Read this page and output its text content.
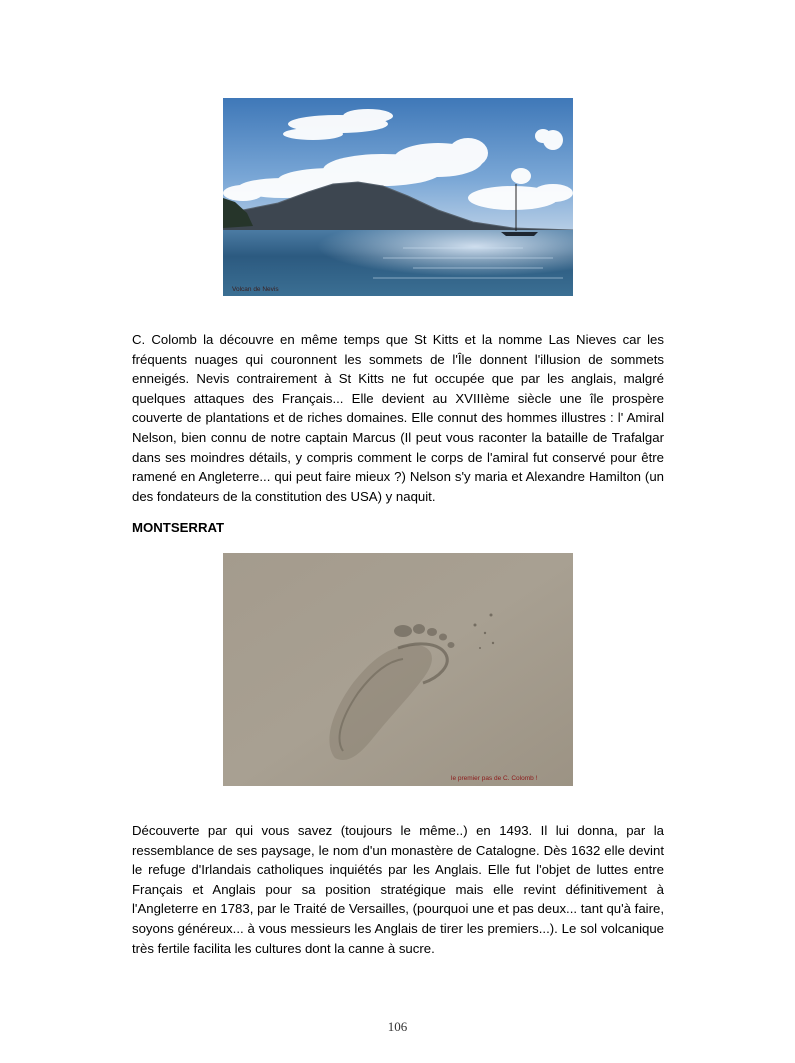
Volcan de Nevis

C. Colomb la découvre en même temps que St Kitts et la nomme Las Nieves car les fréquents nuages qui couronnent les sommets de l'Île donnent l'illusion de sommets enneigés. Nevis contrairement à St Kitts ne fut occupée que par les anglais, malgré quelques attaques des Français... Elle devient au XVIIIème siècle une île prospère couverte de plantations et de riches domaines. Elle connut des hommes illustres : l' Amiral Nelson, bien connu de notre captain Marcus (Il peut vous raconter la bataille de Trafalgar dans ses moindres détails, y compris comment le corps de l'amiral fut conservé pour être ramené en Angleterre... qui peut faire mieux ?) Nelson s'y maria et Alexandre Hamilton (un des fondateurs de la constitution des USA) y naquit.

MONTSERRAT

le premier pas de C. Colomb !

Découverte par qui vous savez (toujours le même..) en 1493. Il lui donna, par la ressemblance de ses paysage, le nom d'un monastère de Catalogne. Dès 1632 elle devint le refuge d'Irlandais catholiques inquiétés par les Anglais. Elle fut l'objet de luttes entre Français et Anglais pour sa position stratégique mais elle revint définitivement à l'Angleterre en 1783, par le Traité de Versailles, (pourquoi une et pas deux... tant qu'à faire, soyons généreux... à vous messieurs les Anglais de tirer les premiers...). Le sol volcanique très fertile facilita les cultures dont la canne à sucre.

106
